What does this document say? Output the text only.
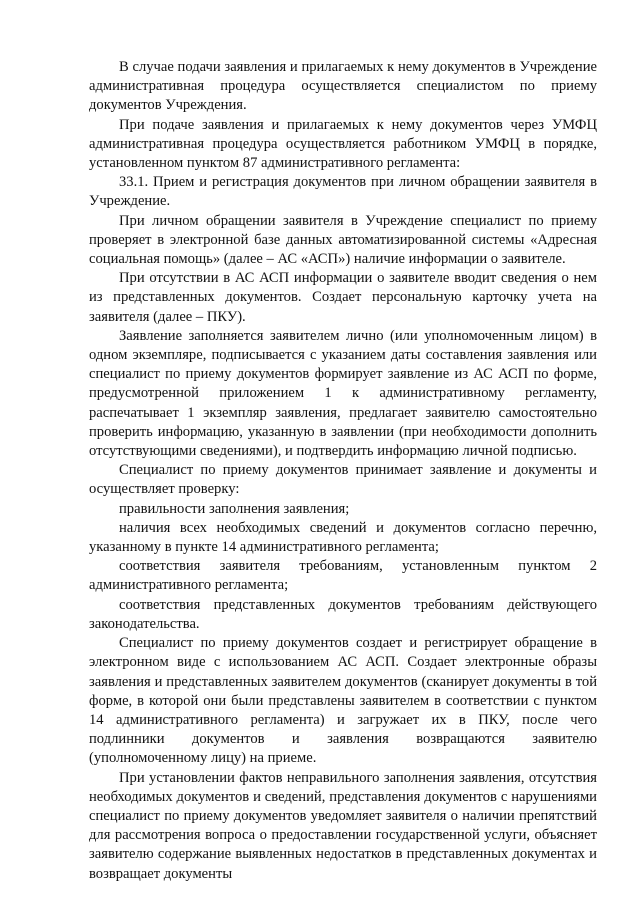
В случае подачи заявления и прилагаемых к нему документов в Учреждение административная процедура осуществляется специалистом по приему документов Учреждения.

При подаче заявления и прилагаемых к нему документов через УМФЦ административная процедура осуществляется работником УМФЦ в порядке, установленном пунктом 87 административного регламента:

33.1. Прием и регистрация документов при личном обращении заявителя в Учреждение.

При личном обращении заявителя в Учреждение специалист по приему проверяет в электронной базе данных автоматизированной системы «Адресная социальная помощь» (далее – АС «АСП») наличие информации о заявителе.

При отсутствии в АС АСП информации о заявителе вводит сведения о нем из представленных документов. Создает персональную карточку учета на заявителя (далее – ПКУ).

Заявление заполняется заявителем лично (или уполномоченным лицом) в одном экземпляре, подписывается с указанием даты составления заявления или специалист по приему документов формирует заявление из АС АСП по форме, предусмотренной приложением 1 к административному регламенту, распечатывает 1 экземпляр заявления, предлагает заявителю самостоятельно проверить информацию, указанную в заявлении (при необходимости дополнить отсутствующими сведениями), и подтвердить информацию личной подписью.

Специалист по приему документов принимает заявление и документы и осуществляет проверку:

правильности заполнения заявления;

наличия всех необходимых сведений и документов согласно перечню, указанному в пункте 14 административного регламента;

соответствия заявителя требованиям, установленным пунктом 2 административного регламента;

соответствия представленных документов требованиям действующего законодательства.

Специалист по приему документов создает и регистрирует обращение в электронном виде с использованием АС АСП. Создает электронные образы заявления и представленных заявителем документов (сканирует документы в той форме, в которой они были представлены заявителем в соответствии с пунктом 14 административного регламента) и загружает их в ПКУ, после чего подлинники документов и заявления возвращаются заявителю (уполномоченному лицу) на приеме.

При установлении фактов неправильного заполнения заявления, отсутствия необходимых документов и сведений, представления документов с нарушениями специалист по приему документов уведомляет заявителя о наличии препятствий для рассмотрения вопроса о предоставлении государственной услуги, объясняет заявителю содержание выявленных недостатков в представленных документах и возвращает документы
